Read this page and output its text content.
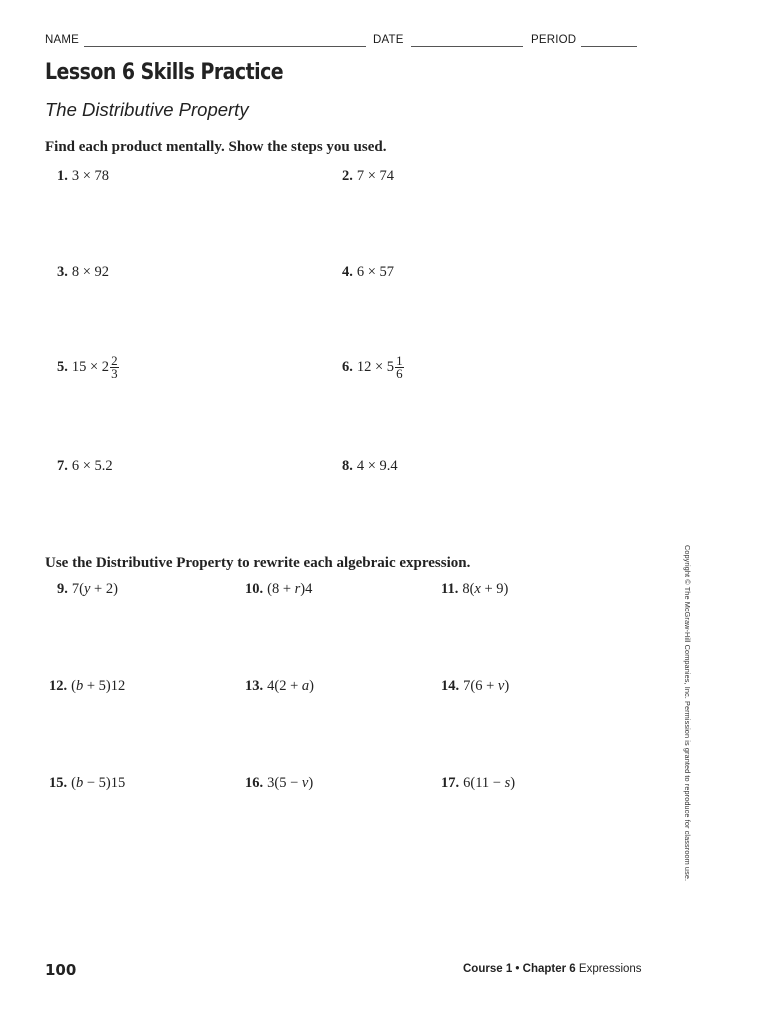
NAME	DATE	PERIOD
Lesson 6 Skills Practice
The Distributive Property
Find each product mentally. Show the steps you used.
1. 3 × 78	2. 7 × 74
3. 8 × 92	4. 6 × 57
5. $15 \times 2 \frac{2}{3}$	6. $12 \times 5 \frac{1}{6}$
7. 6 × 5.2	8. 4 × 9.4
Use the Distributive Property to rewrite each algebraic expression.
9. 7(y + 2)	10. (8 + r)4	11. 8(x + 9)
12. (b + 5)12	13. 4(2 + a)	14. 7(6 + v)
15. (b − 5)15	16. 3(5 − v)	17. 6(11 − s)	Copyright © The McGraw-Hill Companies, Inc. Permission is granted to reproduce for classroom use.
100	Course 1 • Chapter 6 Expressions
